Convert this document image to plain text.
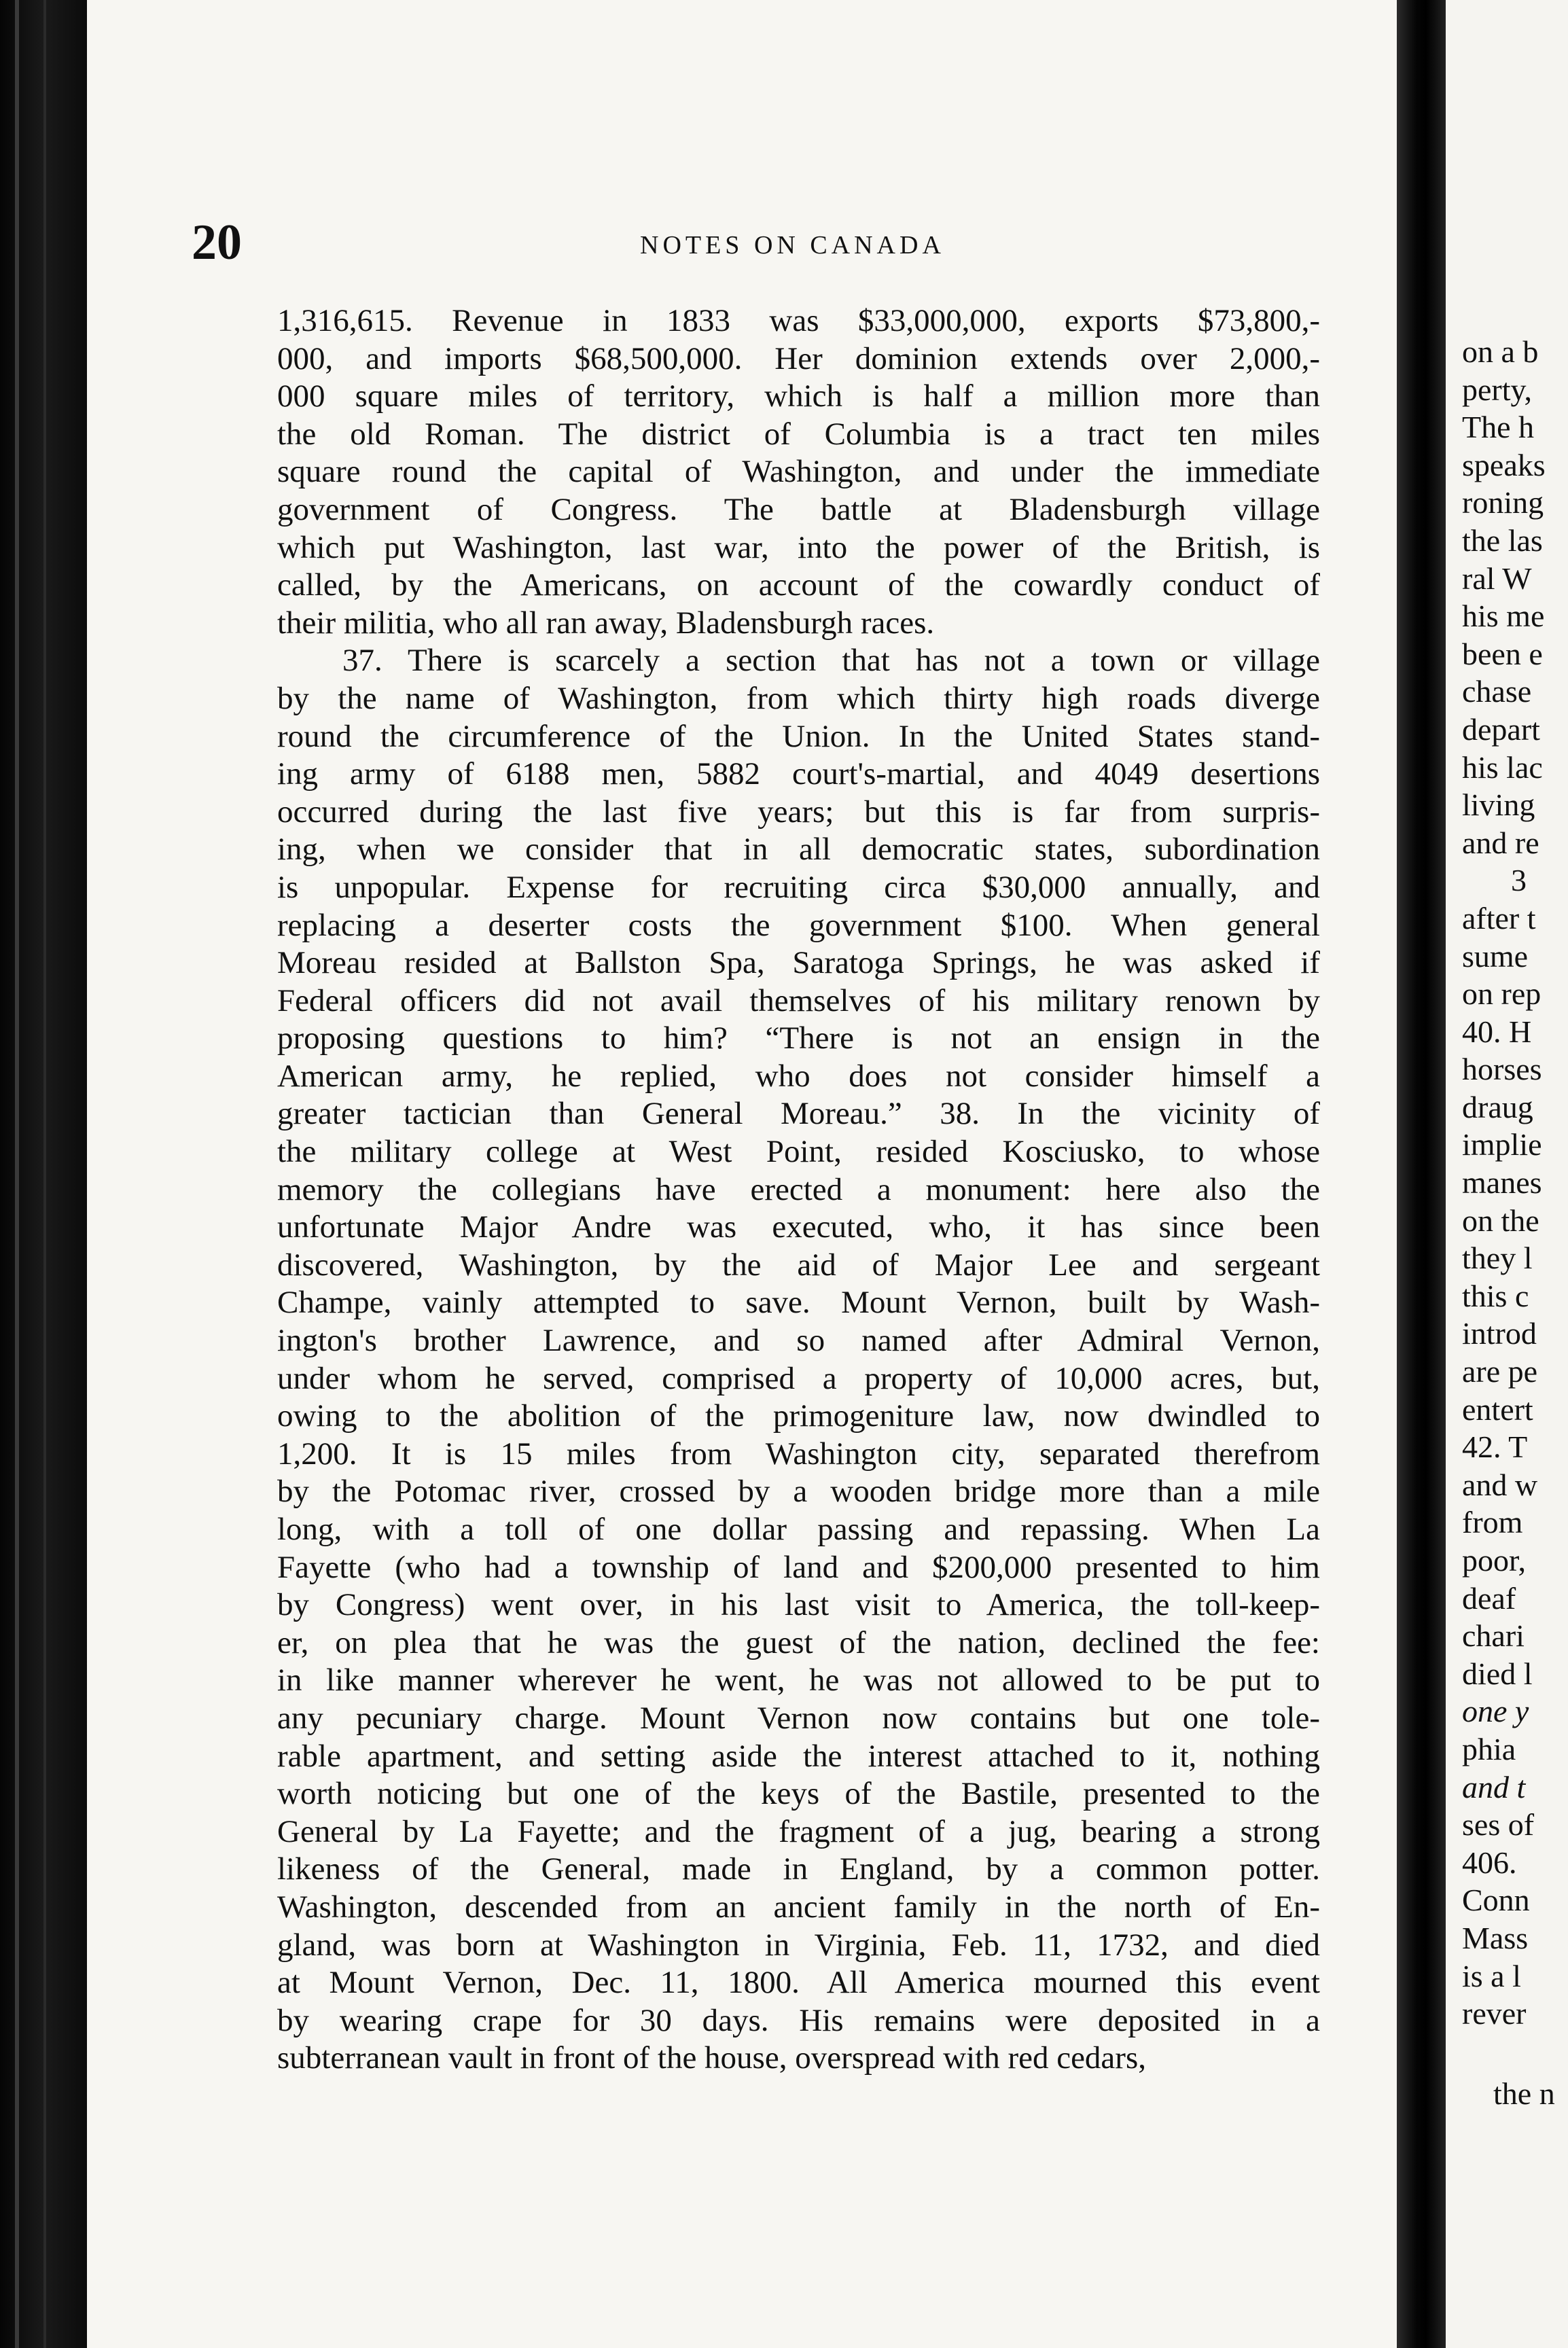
20	NOTES ON CANADA
1,316,615. Revenue in 1833 was $33,000,000, exports $73,800,-
000, and imports $68,500,000. Her dominion extends over 2,000,-
000 square miles of territory, which is half a million more than
the old Roman. The district of Columbia is a tract ten miles
square round the capital of Washington, and under the immediate
government of Congress. The battle at Bladensburgh village
which put Washington, last war, into the power of the British, is
called, by the Americans, on account of the cowardly conduct of
their militia, who all ran away, Bladensburgh races.
37. There is scarcely a section that has not a town or village
by the name of Washington, from which thirty high roads diverge
round the circumference of the Union. In the United States stand-
ing army of 6188 men, 5882 court's-martial, and 4049 desertions
occurred during the last five years; but this is far from surpris-
ing, when we consider that in all democratic states, subordination
is unpopular. Expense for recruiting circa $30,000 annually, and
replacing a deserter costs the government $100. When general
Moreau resided at Ballston Spa, Saratoga Springs, he was asked if
Federal officers did not avail themselves of his military renown by
proposing questions to him? “There is not an ensign in the
American army, he replied, who does not consider himself a
greater tactician than General Moreau.” 38. In the vicinity of
the military college at West Point, resided Kosciusko, to whose
memory the collegians have erected a monument: here also the
unfortunate Major Andre was executed, who, it has since been
discovered, Washington, by the aid of Major Lee and sergeant
Champe, vainly attempted to save. Mount Vernon, built by Wash-
ington's brother Lawrence, and so named after Admiral Vernon,
under whom he served, comprised a property of 10,000 acres, but,
owing to the abolition of the primogeniture law, now dwindled to
1,200. It is 15 miles from Washington city, separated therefrom
by the Potomac river, crossed by a wooden bridge more than a mile
long, with a toll of one dollar passing and repassing. When La
Fayette (who had a township of land and $200,000 presented to him
by Congress) went over, in his last visit to America, the toll-keep-
er, on plea that he was the guest of the nation, declined the fee:
in like manner wherever he went, he was not allowed to be put to
any pecuniary charge. Mount Vernon now contains but one tole-
rable apartment, and setting aside the interest attached to it, nothing
worth noticing but one of the keys of the Bastile, presented to the
General by La Fayette; and the fragment of a jug, bearing a strong
likeness of the General, made in England, by a common potter.
Washington, descended from an ancient family in the north of En-
gland, was born at Washington in Virginia, Feb. 11, 1732, and died
at Mount Vernon, Dec. 11, 1800. All America mourned this event
by wearing crape for 30 days. His remains were deposited in a
subterranean vault in front of the house, overspread with red cedars,
on a b
perty,
The h
speaks
roning
the las
ral W
his me
been e
chase
depart
his lac
living
and re
3
after t
sume
on rep
40. H
horses
draug
implie
manes
on the
they l
this c
introd
are pe
entert
42. T
and w
from
poor,
deaf
chari
died l
one y
phia
and t
ses of
406.
Conn
Mass
is a l
rever
the n
